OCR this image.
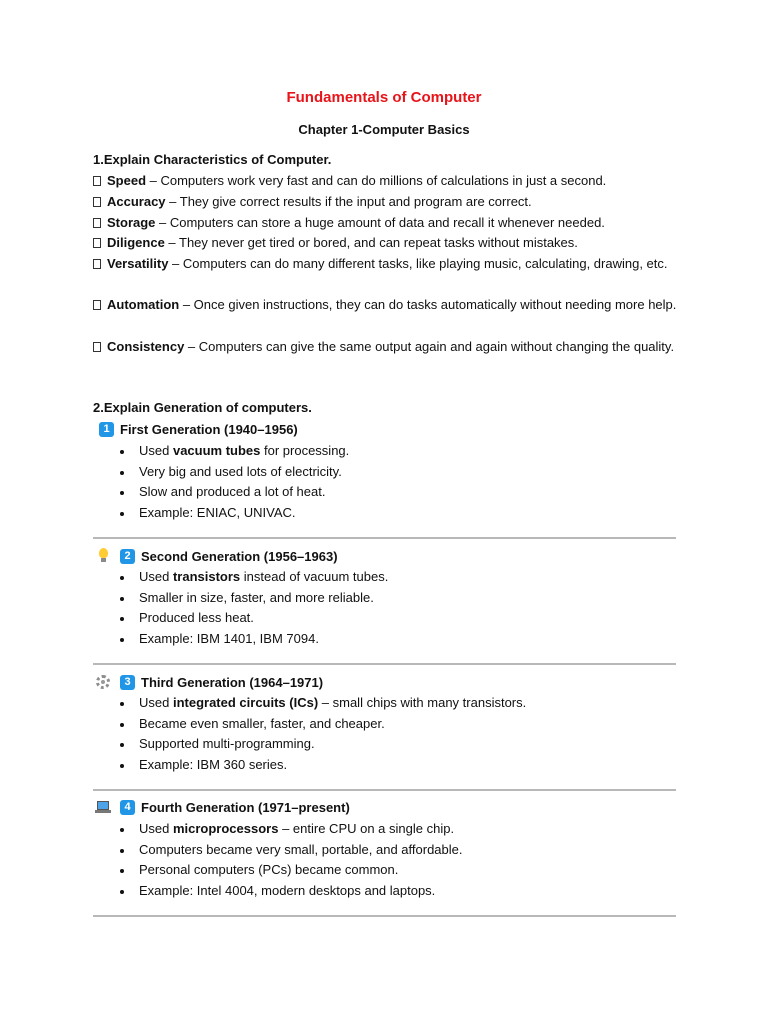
Fundamentals of Computer
Chapter 1-Computer Basics
1.Explain Characteristics of Computer.
Speed – Computers work very fast and can do millions of calculations in just a second.
Accuracy – They give correct results if the input and program are correct.
Storage – Computers can store a huge amount of data and recall it whenever needed.
Diligence – They never get tired or bored, and can repeat tasks without mistakes.
Versatility – Computers can do many different tasks, like playing music, calculating, drawing, etc.
Automation – Once given instructions, they can do tasks automatically without needing more help.
Consistency – Computers can give the same output again and again without changing the quality.
2.Explain Generation of computers.
1 First Generation (1940–1956)
Used vacuum tubes for processing.
Very big and used lots of electricity.
Slow and produced a lot of heat.
Example: ENIAC, UNIVAC.
2 Second Generation (1956–1963)
Used transistors instead of vacuum tubes.
Smaller in size, faster, and more reliable.
Produced less heat.
Example: IBM 1401, IBM 7094.
3 Third Generation (1964–1971)
Used integrated circuits (ICs) – small chips with many transistors.
Became even smaller, faster, and cheaper.
Supported multi-programming.
Example: IBM 360 series.
4 Fourth Generation (1971–present)
Used microprocessors – entire CPU on a single chip.
Computers became very small, portable, and affordable.
Personal computers (PCs) became common.
Example: Intel 4004, modern desktops and laptops.
